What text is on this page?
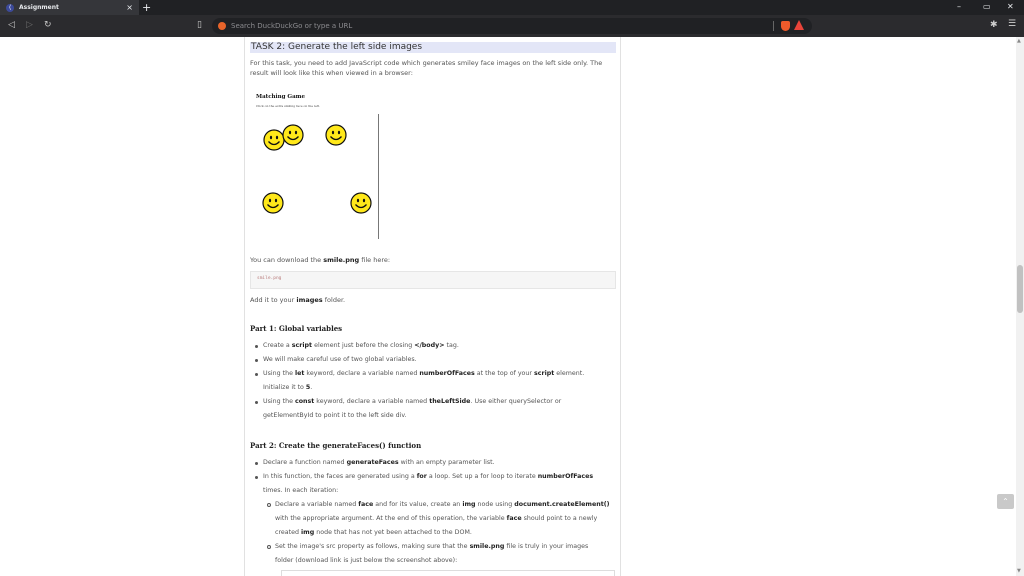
⟨	Assignment	× +	–	▭ ✕
◁ ▷ ↻	▯	Search DuckDuckGo or type a URL	✱ ☰
TASK 2: Generate the left side images
For this task, you need to add JavaScript code which generates smiley face images on the left side only. The
result will look like this when viewed in a browser:
Matching Game
Click on the extra smiling face on the left.
You can download the smile.png file here:
smile.png
Add it to your images folder.
Part 1: Global variables
Create a script element just before the closing </body> tag.
We will make careful use of two global variables.
Using the let keyword, declare a variable named numberOfFaces at the top of your script element.
Initialize it to 5.
Using the const keyword, declare a variable named theLeftSide. Use either querySelector or
getElementById to point it to the left side div.
Part 2: Create the generateFaces() function
Declare a function named generateFaces with an empty parameter list.
In this function, the faces are generated using a for a loop. Set up a for loop to iterate numberOfFaces
times. In each iteration:
Declare a variable named face and for its value, create an img node using document.createElement()
with the appropriate argument. At the end of this operation, the variable face should point to a newly
created img node that has not yet been attached to the DOM.
Set the image's src property as follows, making sure that the smile.png file is truly in your images
folder (download link is just below the screenshot above):
▲
▼
⌃
